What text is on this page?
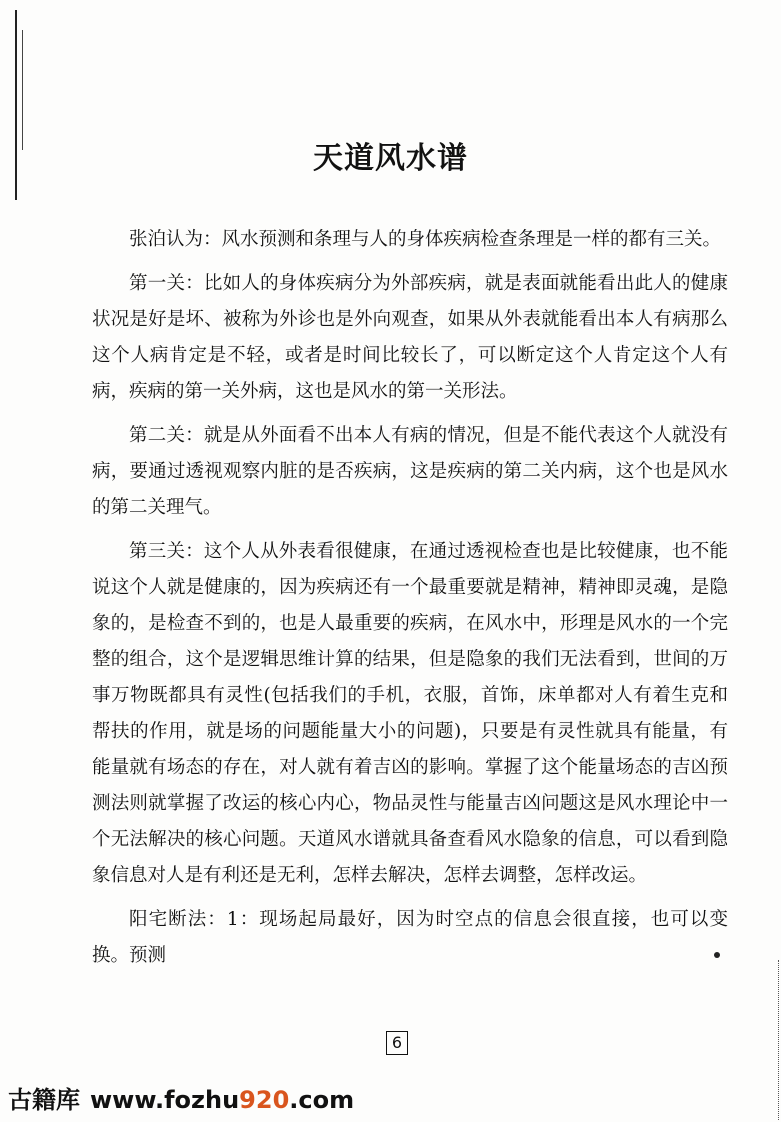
天道风水谱

张泊认为：风水预测和条理与人的身体疾病检查条理是一样的都有三关。

第一关：比如人的身体疾病分为外部疾病，就是表面就能看出此人的健康状况是好是坏、被称为外诊也是外向观查，如果从外表就能看出本人有病那么这个人病肯定是不轻，或者是时间比较长了，可以断定这个人肯定这个人有病，疾病的第一关外病，这也是风水的第一关形法。

第二关：就是从外面看不出本人有病的情况，但是不能代表这个人就没有病，要通过透视观察内脏的是否疾病，这是疾病的第二关内病，这个也是风水的第二关理气。

第三关：这个人从外表看很健康，在通过透视检查也是比较健康，也不能说这个人就是健康的，因为疾病还有一个最重要就是精神，精神即灵魂，是隐象的，是检查不到的，也是人最重要的疾病，在风水中，形理是风水的一个完整的组合，这个是逻辑思维计算的结果，但是隐象的我们无法看到，世间的万事万物既都具有灵性(包括我们的手机，衣服，首饰，床单都对人有着生克和帮扶的作用，就是场的问题能量大小的问题)，只要是有灵性就具有能量，有能量就有场态的存在，对人就有着吉凶的影响。掌握了这个能量场态的吉凶预测法则就掌握了改运的核心内心，物品灵性与能量吉凶问题这是风水理论中一个无法解决的核心问题。天道风水谱就具备查看风水隐象的信息，可以看到隐象信息对人是有利还是无利，怎样去解决，怎样去调整，怎样改运。

阳宅断法：1：现场起局最好，因为时空点的信息会很直接，也可以变换。预测

6
古籍库 www.fozhu920.com
